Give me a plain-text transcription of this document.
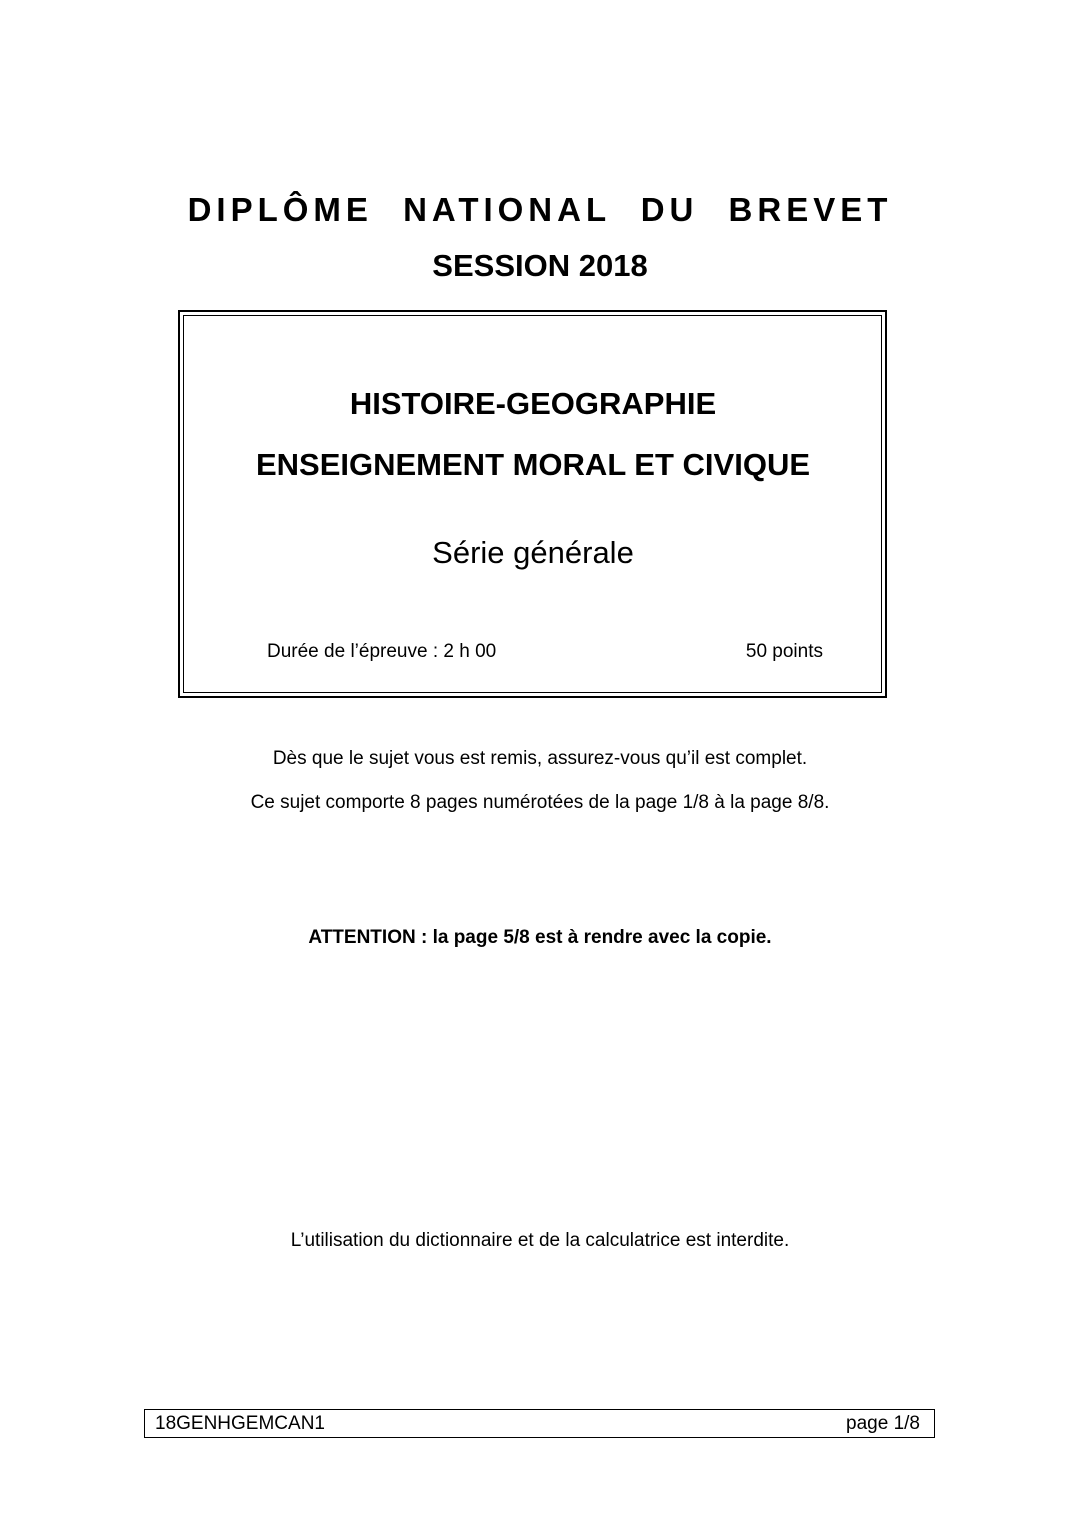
DIPLÔME NATIONAL DU BREVET
SESSION 2018
HISTOIRE-GEOGRAPHIE
ENSEIGNEMENT MORAL ET CIVIQUE
Série générale
Durée de l’épreuve : 2 h 00	50 points
Dès que le sujet vous est remis, assurez-vous qu’il est complet.
Ce sujet comporte 8 pages numérotées de la page 1/8 à la page 8/8.
ATTENTION : la page 5/8 est à rendre avec la copie.
L’utilisation du dictionnaire et de la calculatrice est interdite.
18GENHGEMCAN1	page 1/8
